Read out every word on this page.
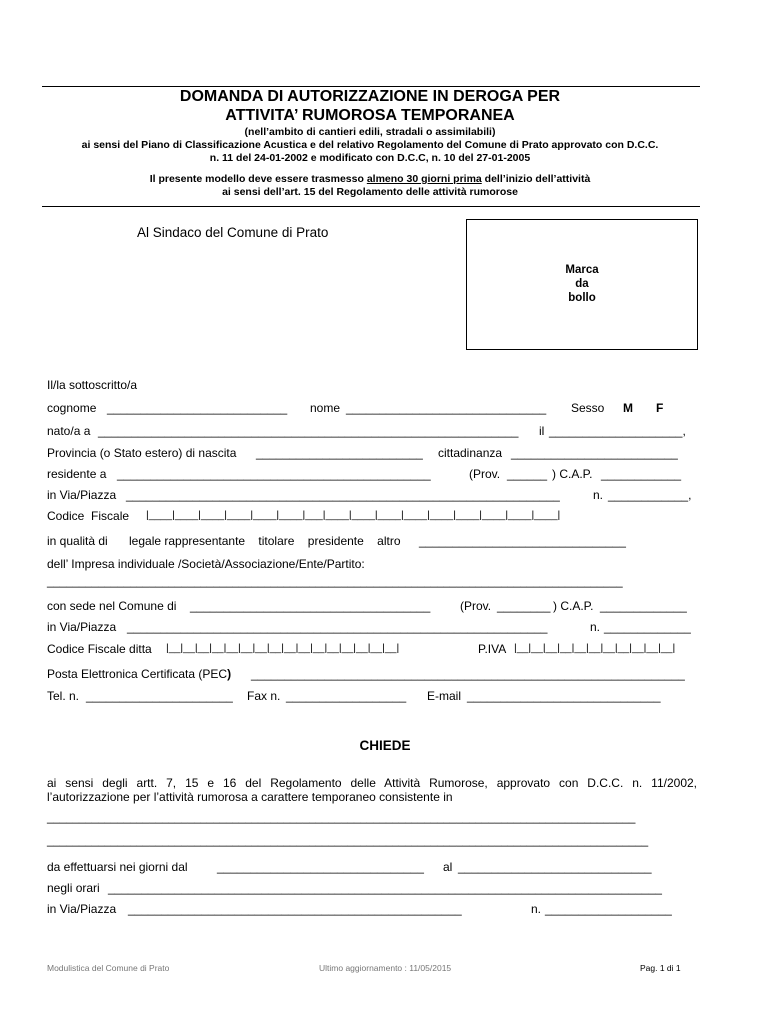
DOMANDA DI AUTORIZZAZIONE IN DEROGA PER
ATTIVITA’ RUMOROSA TEMPORANEA
(nell’ambito di cantieri edili, stradali o assimilabili)
ai sensi del Piano di Classificazione Acustica e del relativo Regolamento del Comune di Prato approvato con D.C.C.
n. 11 del 24-01-2002 e modificato con D.C.C, n. 10 del 27-01-2005
Il presente modello deve essere trasmesso almeno 30 giorni prima dell’inizio dell’attività
ai sensi dell’art. 15 del Regolamento delle attività rumorose
Al Sindaco del Comune di Prato
Marca
da
bollo
Il/la sottoscritto/a
cognome ___________________________ nome ______________________________ Sesso M F
nato/a a _______________________________________________________________ il ____________________,
Provincia (o Stato estero) di nascita _________________________ cittadinanza _________________________
residente a _______________________________________________	(Prov. ______ ) C.A.P. ____________
in Via/Piazza _________________________________________________________________	n. ____________,
Codice  Fiscale |____|____|____|____|____|____|___|____|____|____|____|____|____|____|____|____|
in qualità di legale rappresentante    titolare    presidente    altro _______________________________
dell’ Impresa individuale /Società/Associazione/Ente/Partito:
__________________________________________________________________________________________
con sede nel Comune di ____________________________________ (Prov. ________ ) C.A.P. _____________
in Via/Piazza _______________________________________________________________	n. _____________
Codice Fiscale ditta |__|__|__|__|__|__|__|__|__|__|__|__|__|__|__|__|	P.IVA |__|__|__|__|__|__|__|__|__|__|__|
Posta Elettronica Certificata (PEC) _________________________________________________________________
Tel. n. ______________________ Fax n. __________________ E-mail _____________________________
CHIEDE
ai sensi degli artt. 7, 15 e 16 del Regolamento delle Attività Rumorose, approvato con D.C.C. n. 11/2002,
l’autorizzazione per l’attività rumorosa a carattere temporaneo consistente in
____________________________________________________________________________________________
______________________________________________________________________________________________
da effettuarsi nei giorni dal _______________________________ al _____________________________
negli orari ___________________________________________________________________________________
in Via/Piazza __________________________________________________	n. ___________________
Modulistica del Comune di Prato	Ultimo aggiornamento : 11/05/2015	Pag. 1 di 1
